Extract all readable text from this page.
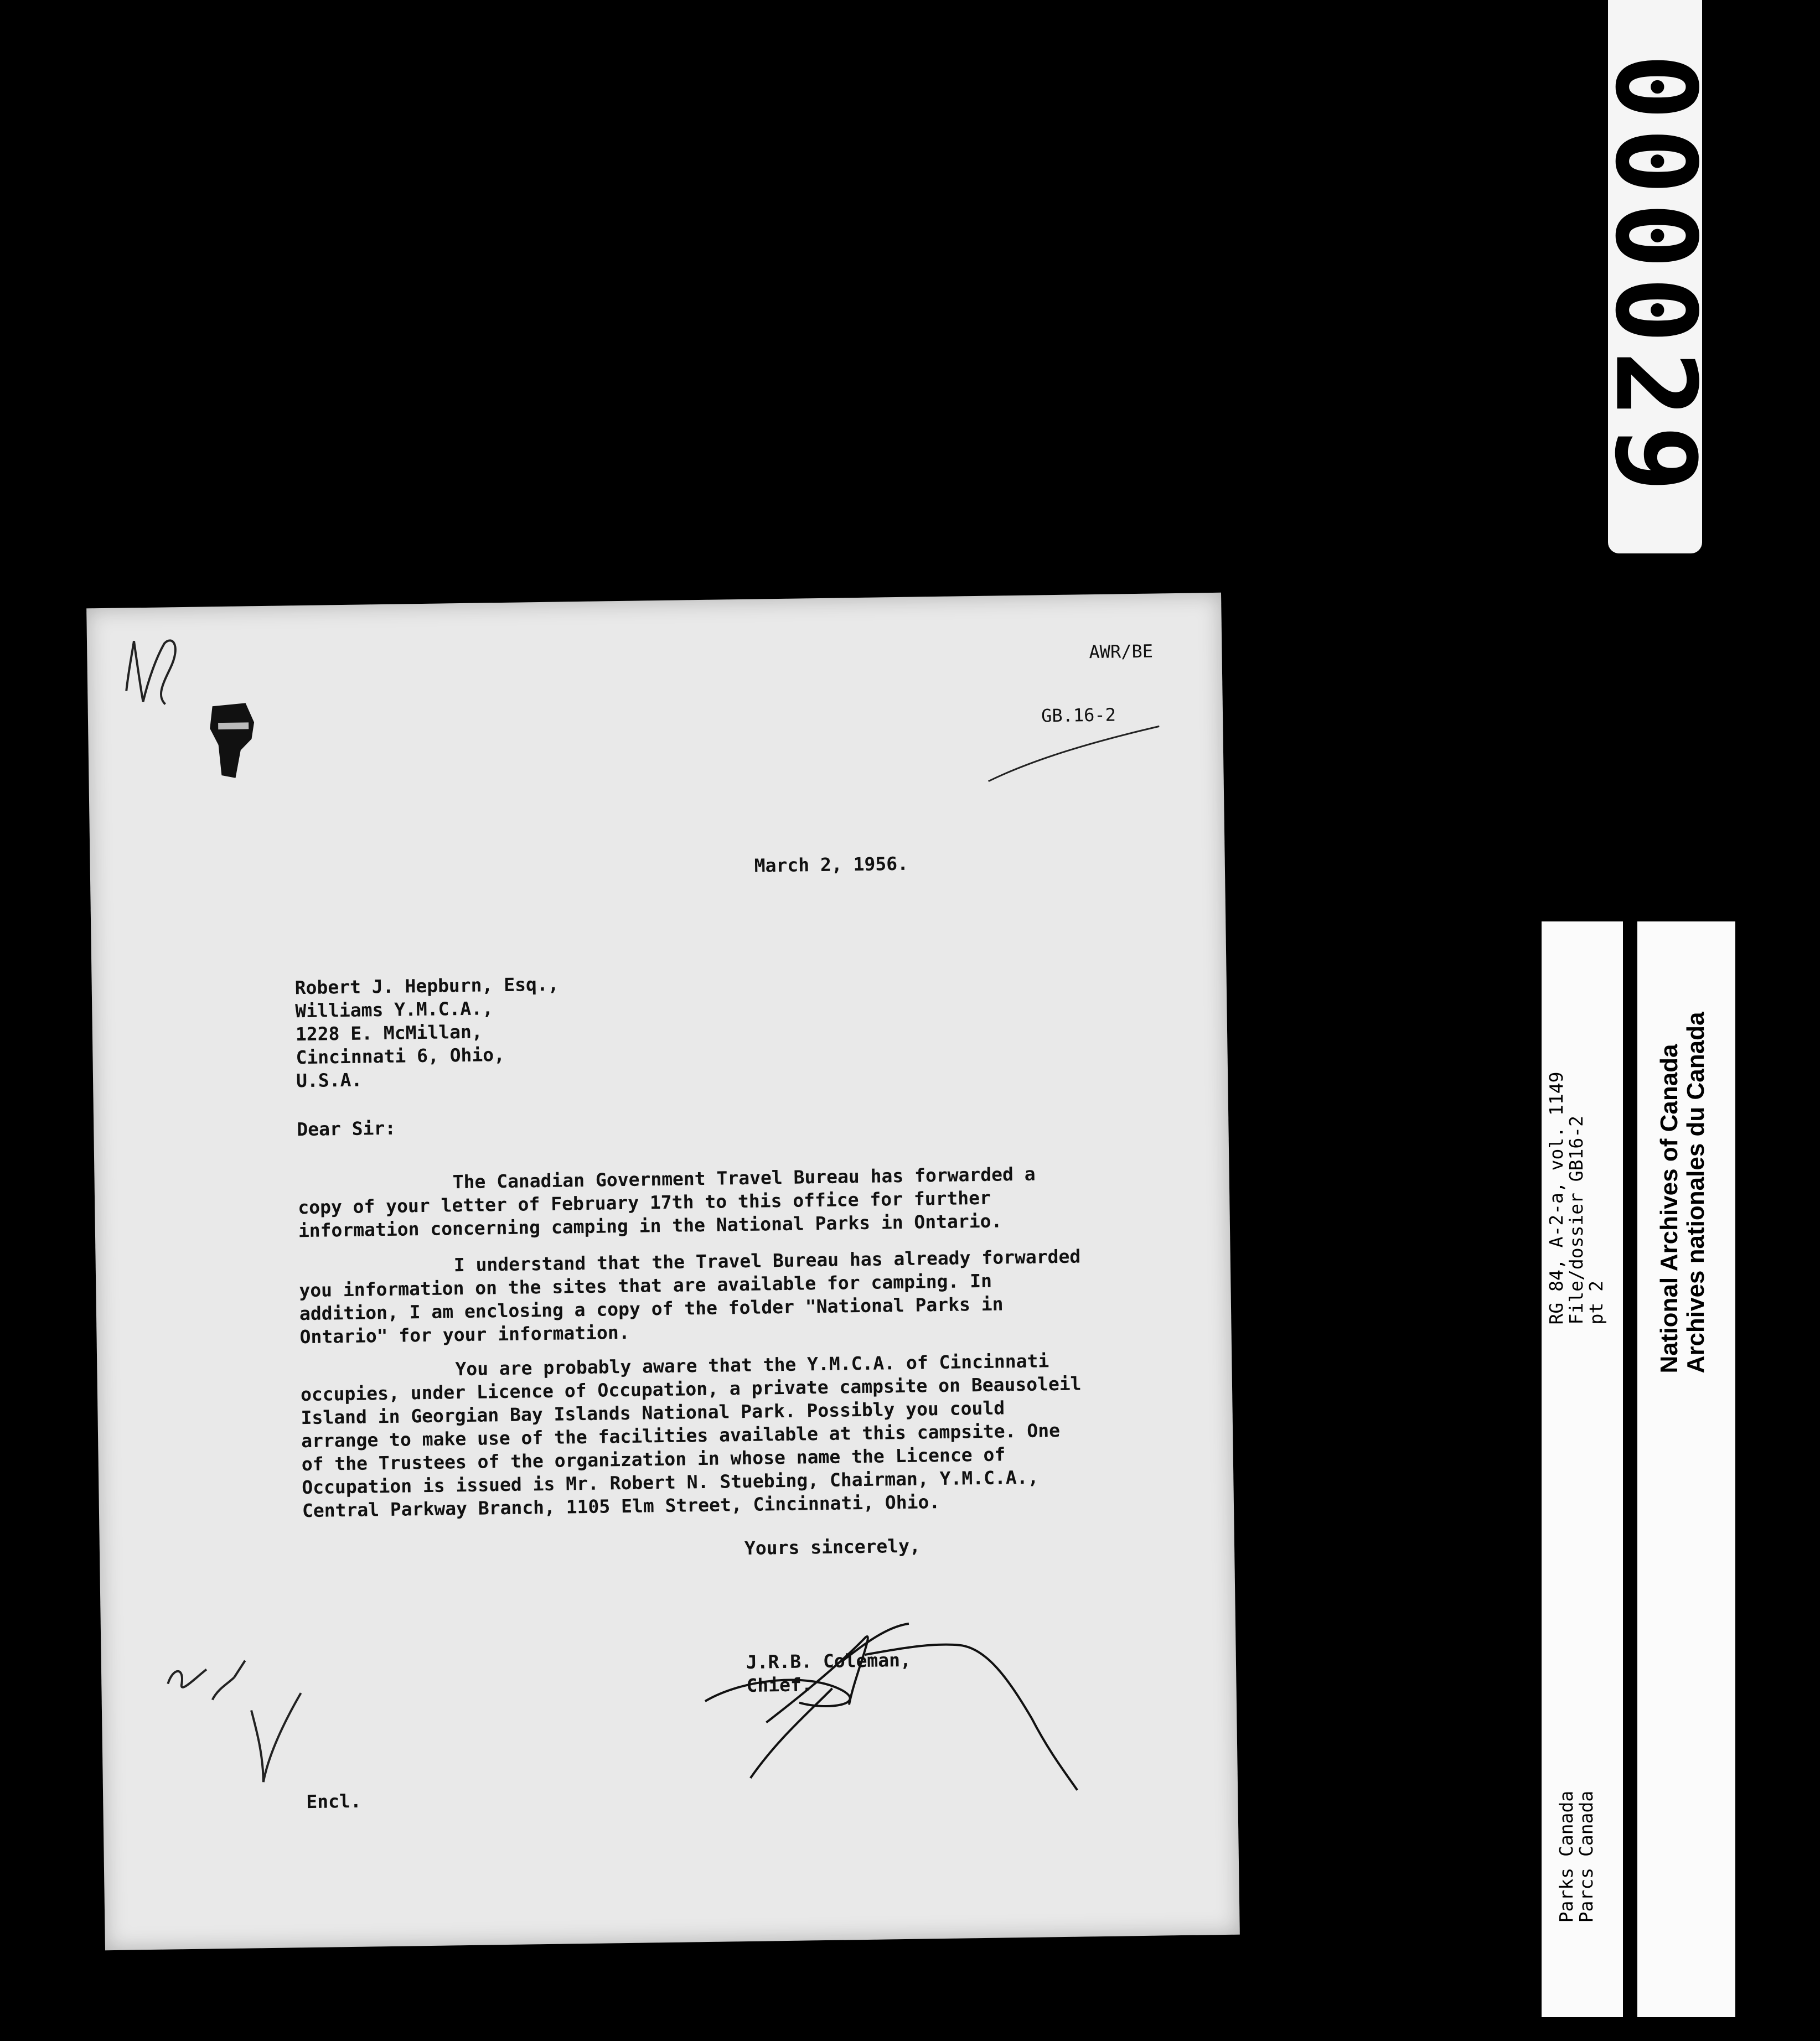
000029
RG 84, A-2-a, vol. 1149
File/dossier GB16-2
pt 2
Parks Canada
Parcs Canada
National Archives of Canada Archives nationales du Canada
AWR/BE
GB.16-2
March 2, 1956.
Robert J. Hepburn, Esq.,
Williams Y.M.C.A.,
1228 E. McMillan,
Cincinnati 6, Ohio,
U.S.A.
Dear Sir:
The Canadian Government Travel Bureau has forwarded a copy of your letter of February 17th to this office for further information concerning camping in the National Parks in Ontario.
I understand that the Travel Bureau has already forwarded you information on the sites that are available for camping. In addition, I am enclosing a copy of the folder "National Parks in Ontario" for your information.
You are probably aware that the Y.M.C.A. of Cincinnati occupies, under Licence of Occupation, a private campsite on Beausoleil Island in Georgian Bay Islands National Park. Possibly you could arrange to make use of the facilities available at this campsite. One of the Trustees of the organization in whose name the Licence of Occupation is issued is Mr. Robert N. Stuebing, Chairman, Y.M.C.A., Central Parkway Branch, 1105 Elm Street, Cincinnati, Ohio.
Yours sincerely,
J.R.B. Coleman,
Chief.
Encl.
